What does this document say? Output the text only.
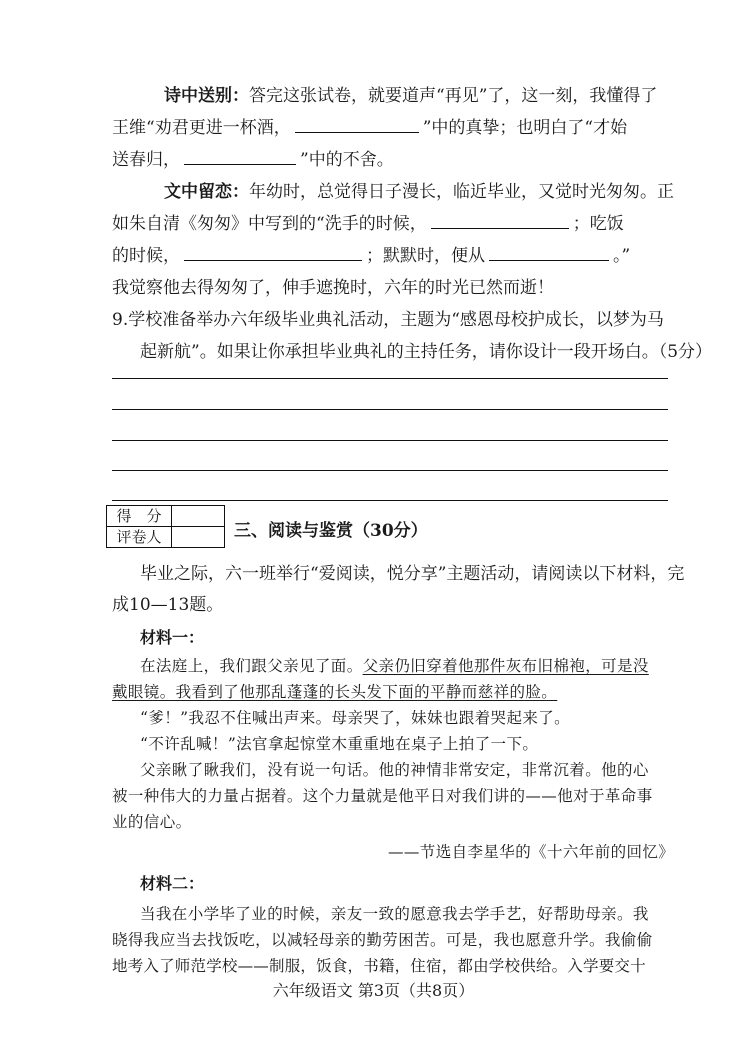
诗中送别：答完这张试卷，就要道声“再见”了，这一刻，我懂得了
王维“劝君更进一杯酒，	”中的真挚；也明白了“才始
送春归，	”中的不舍。
文中留恋：年幼时，总觉得日子漫长，临近毕业，又觉时光匆匆。正
如朱自清《匆匆》中写到的“洗手的时候，	；吃饭
的时候，	；默默时，便从	。”
我觉察他去得匆匆了，伸手遮挽时，六年的时光已然而逝！
9.学校准备举办六年级毕业典礼活动，主题为“感恩母校护成长，以梦为马
起新航”。如果让你承担毕业典礼的主持任务，请你设计一段开场白。（5分）
得　分	
评卷人		三、阅读与鉴赏（30分）
毕业之际，六一班举行“爱阅读，悦分享”主题活动，请阅读以下材料，完
成10—13题。
材料一：
在法庭上，我们跟父亲见了面。父亲仍旧穿着他那件灰布旧棉袍，可是没
戴眼镜。我看到了他那乱蓬蓬的长头发下面的平静而慈祥的脸。
“爹！”我忍不住喊出声来。母亲哭了，妹妹也跟着哭起来了。
“不许乱喊！”法官拿起惊堂木重重地在桌子上拍了一下。
父亲瞅了瞅我们，没有说一句话。他的神情非常安定，非常沉着。他的心
被一种伟大的力量占据着。这个力量就是他平日对我们讲的——他对于革命事
业的信心。
——节选自李星华的《十六年前的回忆》
材料二：
当我在小学毕了业的时候，亲友一致的愿意我去学手艺，好帮助母亲。我
晓得我应当去找饭吃，以减轻母亲的勤劳困苦。可是，我也愿意升学。我偷偷
地考入了师范学校——制服，饭食，书籍，住宿，都由学校供给。入学要交十
六年级语文 第3页（共8页）
